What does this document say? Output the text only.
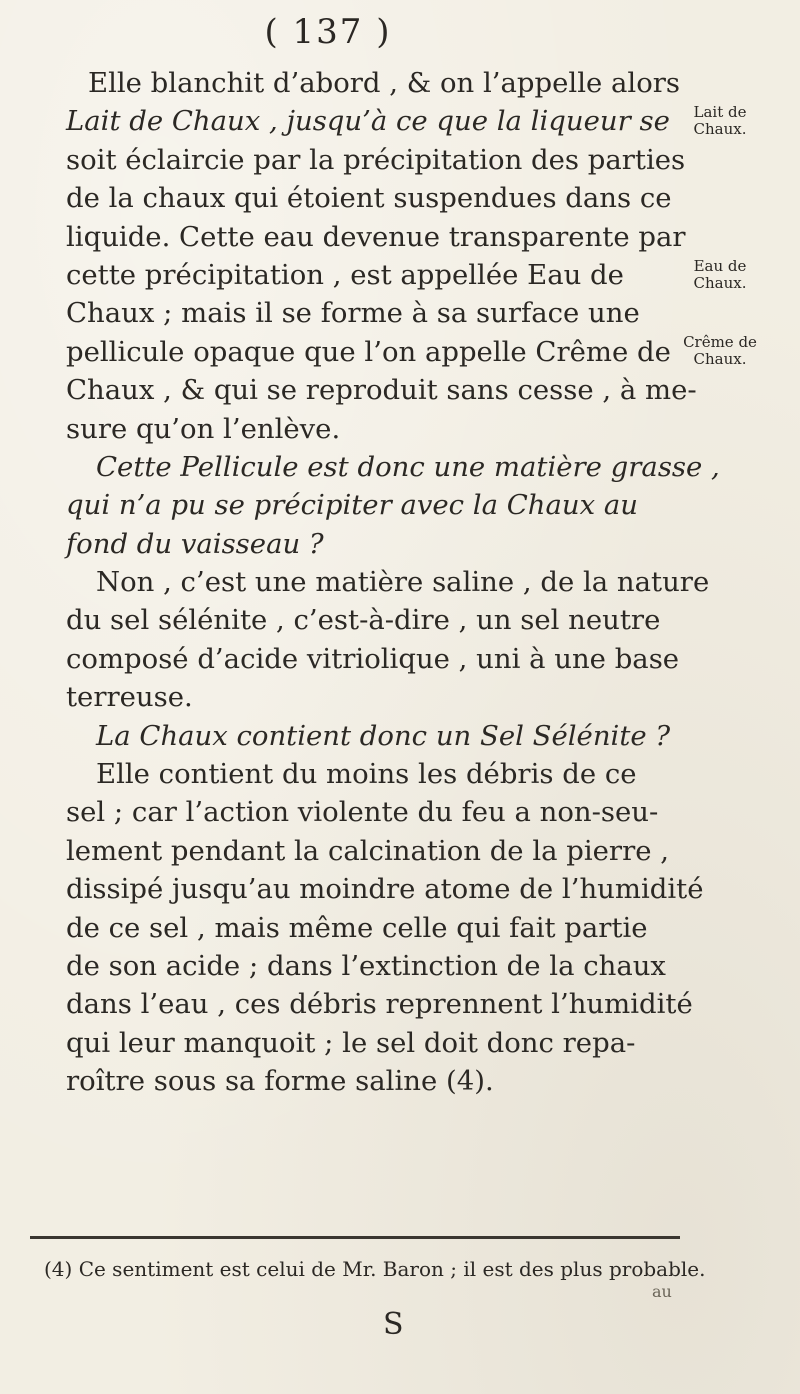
( 137 )
Elle blanchit d’abord , & on l’appelle alors
Lait de Chaux , jusqu’à ce que la liqueur se
soit éclaircie par la précipitation des parties
de la chaux qui étoient suspendues dans ce
liquide. Cette eau devenue transparente par
cette précipitation , est appellée Eau de
Chaux ; mais il se forme à sa surface une
pellicule opaque que l’on appelle Crême de
Chaux , & qui se reproduit sans cesse , à me-
sure qu’on l’enlève.
Cette Pellicule est donc une matière grasse ,
qui n’a pu se précipiter avec la Chaux au
fond du vaisseau ?
Non , c’est une matière saline , de la nature
du sel sélénite , c’est-à-dire , un sel neutre
composé d’acide vitriolique , uni à une base
terreuse.
La Chaux contient donc un Sel Sélénite ?
Elle contient du moins les débris de ce
sel ; car l’action violente du feu a non-seu-
lement pendant la calcination de la pierre ,
dissipé jusqu’au moindre atome de l’humidité
de ce sel , mais même celle qui fait partie
de son acide ; dans l’extinction de la chaux
dans l’eau , ces débris reprennent l’humidité
qui leur manquoit ; le sel doit donc repa-
roître sous sa forme saline (4).
Lait de Chaux.
Eau de Chaux.
Crême de Chaux.
(4) Ce sentiment est celui de Mr. Baron ; il est des plus probable.
au
S
